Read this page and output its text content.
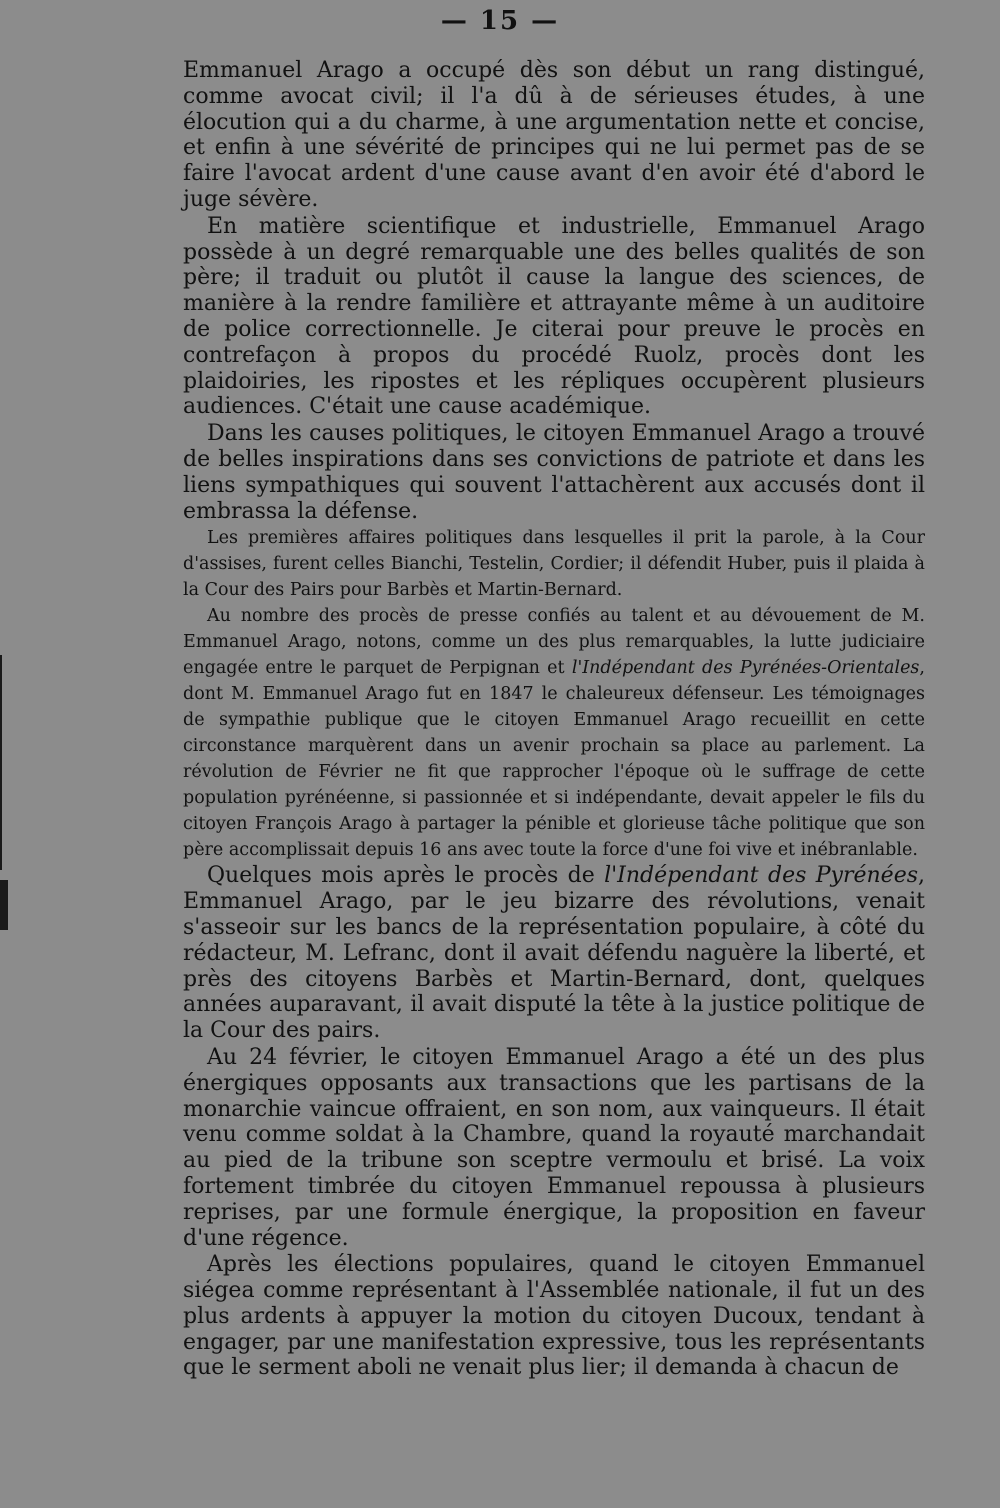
— 15 —

Emmanuel Arago a occupé dès son début un rang distingué, comme avocat civil; il l'a dû à de sérieuses études, à une élocution qui a du charme, à une argumentation nette et concise, et enfin à une sévérité de principes qui ne lui permet pas de se faire l'avocat ardent d'une cause avant d'en avoir été d'abord le juge sévère.

En matière scientifique et industrielle, Emmanuel Arago possède à un degré remarquable une des belles qualités de son père; il traduit ou plutôt il cause la langue des sciences, de manière à la rendre familière et attrayante même à un auditoire de police correctionnelle. Je citerai pour preuve le procès en contrefaçon à propos du procédé Ruolz, procès dont les plaidoiries, les ripostes et les répliques occupèrent plusieurs audiences. C'était une cause académique.

Dans les causes politiques, le citoyen Emmanuel Arago a trouvé de belles inspirations dans ses convictions de patriote et dans les liens sympathiques qui souvent l'attachèrent aux accusés dont il embrassa la défense.

Les premières affaires politiques dans lesquelles il prit la parole, à la Cour d'assises, furent celles Bianchi, Testelin, Cordier; il défendit Huber, puis il plaida à la Cour des Pairs pour Barbès et Martin-Bernard.

Au nombre des procès de presse confiés au talent et au dévouement de M. Emmanuel Arago, notons, comme un des plus remarquables, la lutte judiciaire engagée entre le parquet de Perpignan et l'Indépendant des Pyrénées-Orientales, dont M. Emmanuel Arago fut en 1847 le chaleureux défenseur. Les témoignages de sympathie publique que le citoyen Emmanuel Arago recueillit en cette circonstance marquèrent dans un avenir prochain sa place au parlement. La révolution de Février ne fit que rapprocher l'époque où le suffrage de cette population pyrénéenne, si passionnée et si indépendante, devait appeler le fils du citoyen François Arago à partager la pénible et glorieuse tâche politique que son père accomplissait depuis 16 ans avec toute la force d'une foi vive et inébranlable.

Quelques mois après le procès de l'Indépendant des Pyrénées, Emmanuel Arago, par le jeu bizarre des révolutions, venait s'asseoir sur les bancs de la représentation populaire, à côté du rédacteur, M. Lefranc, dont il avait défendu naguère la liberté, et près des citoyens Barbès et Martin-Bernard, dont, quelques années auparavant, il avait disputé la tête à la justice politique de la Cour des pairs.

Au 24 février, le citoyen Emmanuel Arago a été un des plus énergiques opposants aux transactions que les partisans de la monarchie vaincue offraient, en son nom, aux vainqueurs. Il était venu comme soldat à la Chambre, quand la royauté marchandait au pied de la tribune son sceptre vermoulu et brisé. La voix fortement timbrée du citoyen Emmanuel repoussa à plusieurs reprises, par une formule énergique, la proposition en faveur d'une régence.

Après les élections populaires, quand le citoyen Emmanuel siégea comme représentant à l'Assemblée nationale, il fut un des plus ardents à appuyer la motion du citoyen Ducoux, tendant à engager, par une manifestation expressive, tous les représentants que le serment aboli ne venait plus lier; il demanda à chacun de
